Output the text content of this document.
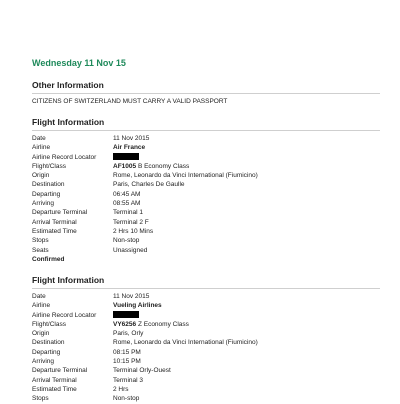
Wednesday 11 Nov 15
Other Information
CITIZENS OF SWITZERLAND MUST CARRY A VALID PASSPORT
Flight Information
Date	11 Nov 2015
Airline	Air France
Airline Record Locator
Flight/Class	AF1005 B Economy Class
Origin	Rome, Leonardo da Vinci International (Fiumicino)
Destination	Paris, Charles De Gaulle
Departing	06:45 AM
Arriving	08:55 AM
Departure Terminal	Terminal 1
Arrival Terminal	Terminal 2 F
Estimated Time	2 Hrs 10 Mins
Stops	Non-stop
Seats	Unassigned
Confirmed
Flight Information
Date	11 Nov 2015
Airline	Vueling Airlines
Airline Record Locator
Flight/Class	VY6256 Z Economy Class
Origin	Paris, Orly
Destination	Rome, Leonardo da Vinci International (Fiumicino)
Departing	08:15 PM
Arriving	10:15 PM
Departure Terminal	Terminal Orly-Ouest
Arrival Terminal	Terminal 3
Estimated Time	2 Hrs
Stops	Non-stop
